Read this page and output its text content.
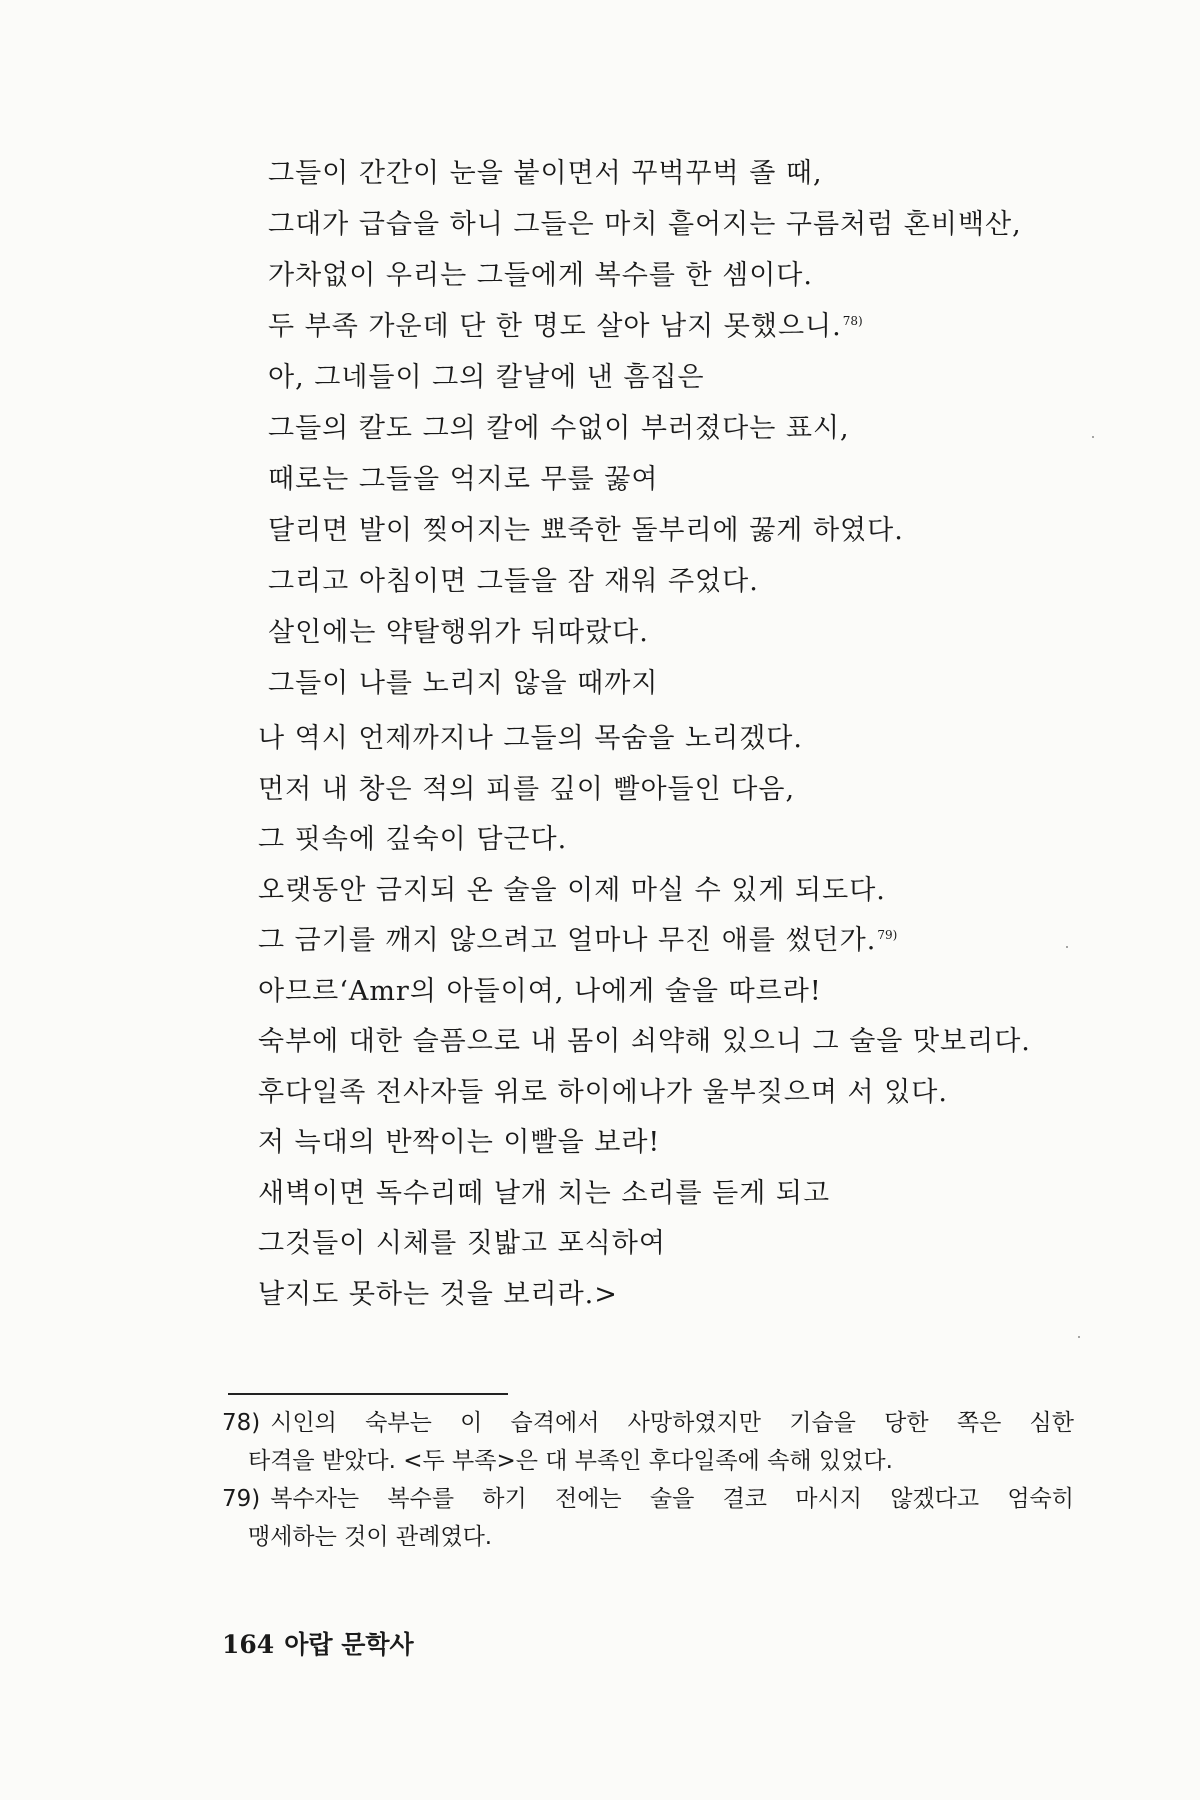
그들이 간간이 눈을 붙이면서 꾸벅꾸벅 졸 때,
그대가 급습을 하니 그들은 마치 흩어지는 구름처럼 혼비백산,
가차없이 우리는 그들에게 복수를 한 셈이다.
두 부족 가운데 단 한 명도 살아 남지 못했으니.$^{78)}$
아, 그네들이 그의 칼날에 낸 흠집은
그들의 칼도 그의 칼에 수없이 부러졌다는 표시,
때로는 그들을 억지로 무릎 꿇여
달리면 발이 찢어지는 뾰죽한 돌부리에 꿇게 하였다.
그리고 아침이면 그들을 잠 재워 주었다.
살인에는 약탈행위가 뒤따랐다.
그들이 나를 노리지 않을 때까지
나 역시 언제까지나 그들의 목숨을 노리겠다.
먼저 내 창은 적의 피를 깊이 빨아들인 다음,
그 핏속에 깊숙이 담근다.
오랫동안 금지되 온 술을 이제 마실 수 있게 되도다.
그 금기를 깨지 않으려고 얼마나 무진 애를 썼던가.$^{79)}$
아므르‘Amr의 아들이여, 나에게 술을 따르라!
숙부에 대한 슬픔으로 내 몸이 쇠약해 있으니 그 술을 맛보리다.
후다일족 전사자들 위로 하이에나가 울부짖으며 서 있다.
저 늑대의 반짝이는 이빨을 보라!
새벽이면 독수리떼 날개 치는 소리를 듣게 되고
그것들이 시체를 짓밟고 포식하여
날지도 못하는 것을 보리라.>
78) 시인의 숙부는 이 습격에서 사망하였지만 기습을 당한 쪽은 심한
타격을 받았다. <두 부족>은 대 부족인 후다일족에 속해 있었다.
79) 복수자는 복수를 하기 전에는 술을 결코 마시지 않겠다고 엄숙히
맹세하는 것이 관례였다.
164 아랍 문학사
